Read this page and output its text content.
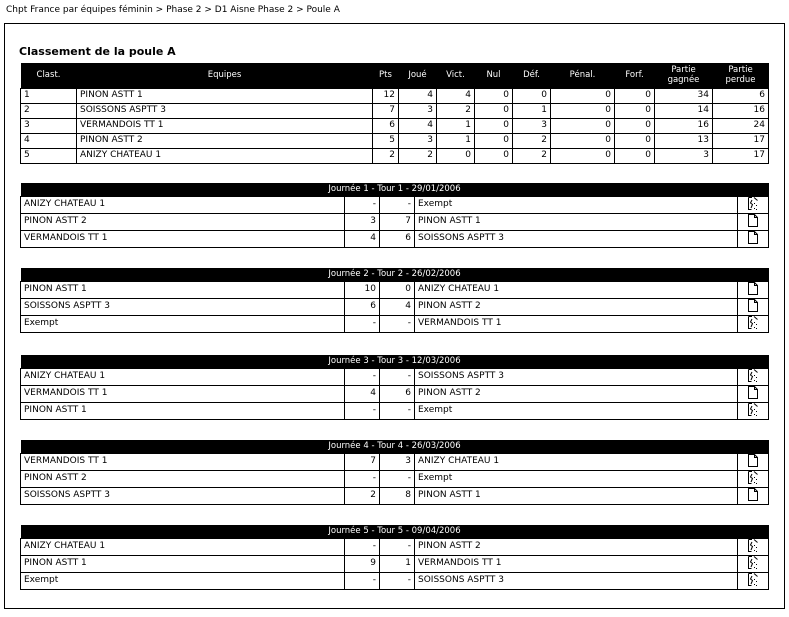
Chpt France par équipes féminin > Phase 2 > D1 Aisne Phase 2 > Poule A
Classement de la poule A
Clast.	Equipes	Pts	Joué	Vict.	Nul	Déf.	Pénal.	Forf.	Partie gagnée	Partie perdue
1	PINON ASTT 1	12	4	4	0	0	0	0	34	6
2	SOISSONS ASPTT 3	7	3	2	0	1	0	0	14	16
3	VERMANDOIS TT 1	6	4	1	0	3	0	0	16	24
4	PINON ASTT 2	5	3	1	0	2	0	0	13	17
5	ANIZY CHATEAU 1	2	2	0	0	2	0	0	3	17
Journée 1 - Tour 1 - 29/01/2006				
ANIZY CHATEAU 1	-	-	Exempt	
PINON ASTT 2	3	7	PINON ASTT 1	
VERMANDOIS TT 1	4	6	SOISSONS ASPTT 3	
Journée 2 - Tour 2 - 26/02/2006				
PINON ASTT 1	10	0	ANIZY CHATEAU 1	
SOISSONS ASPTT 3	6	4	PINON ASTT 2	
Exempt	-	-	VERMANDOIS TT 1	
Journée 3 - Tour 3 - 12/03/2006				
ANIZY CHATEAU 1	-	-	SOISSONS ASPTT 3	
VERMANDOIS TT 1	4	6	PINON ASTT 2	
PINON ASTT 1	-	-	Exempt	
Journée 4 - Tour 4 - 26/03/2006				
VERMANDOIS TT 1	7	3	ANIZY CHATEAU 1	
PINON ASTT 2	-	-	Exempt	
SOISSONS ASPTT 3	2	8	PINON ASTT 1	
Journée 5 - Tour 5 - 09/04/2006				
ANIZY CHATEAU 1	-	-	PINON ASTT 2	
PINON ASTT 1	9	1	VERMANDOIS TT 1	
Exempt	-	-	SOISSONS ASPTT 3	
